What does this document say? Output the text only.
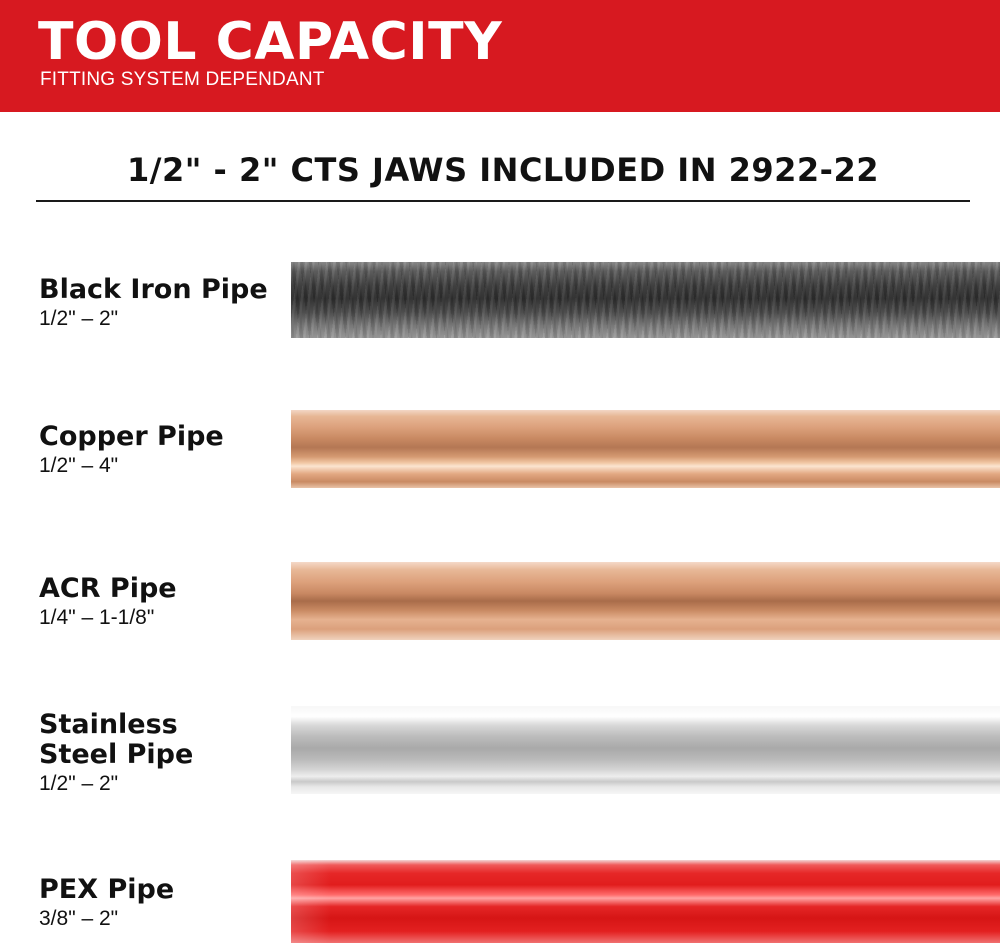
TOOL CAPACITY
FITTING SYSTEM DEPENDANT
1/2" - 2" CTS JAWS INCLUDED IN 2922-22

Black Iron Pipe

1/2" – 2"

Copper Pipe

1/2" – 4"

ACR Pipe

1/4" – 1-1/8"

Stainless

Steel Pipe

1/2" – 2"

PEX Pipe

3/8" – 2"
